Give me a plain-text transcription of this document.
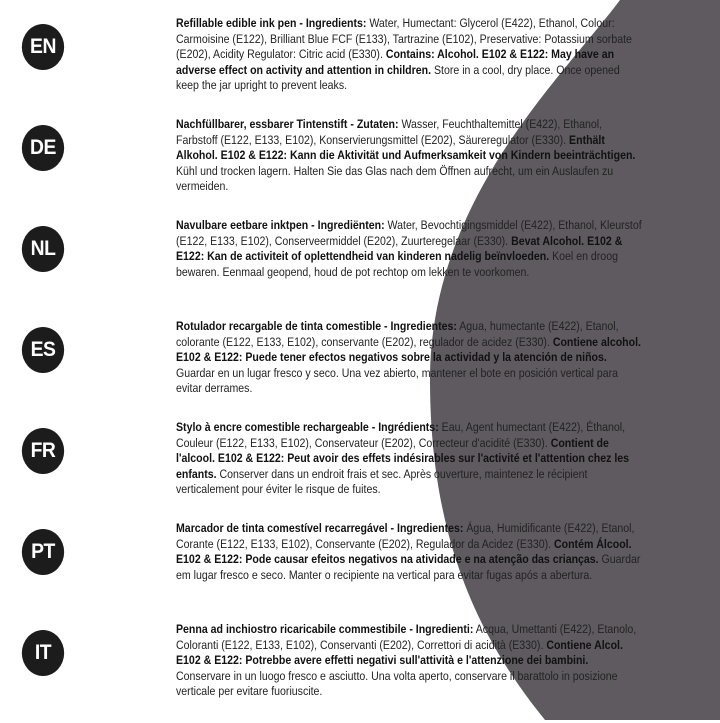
EN
Refillable edible ink pen - Ingredients: Water, Humectant: Glycerol (E422), Ethanol, Colour: Carmoisine (E122), Brilliant Blue FCF (E133), Tartrazine (E102), Preservative: Potassium sorbate (E202), Acidity Regulator: Citric acid (E330). Contains: Alcohol. E102 & E122: May have an adverse effect on activity and attention in children. Store in a cool, dry place. Once opened keep the jar upright to prevent leaks.
DE
Nachfüllbarer, essbarer Tintenstift - Zutaten: Wasser, Feuchthaltemittel (E422), Ethanol, Farbstoff (E122, E133, E102), Konservierungsmittel (E202), Säureregulator (E330). Enthält Alkohol. E102 & E122: Kann die Aktivität und Aufmerksamkeit von Kindern beeinträchtigen. Kühl und trocken lagern. Halten Sie das Glas nach dem Öffnen aufrecht, um ein Auslaufen zu vermeiden.
NL
Navulbare eetbare inktpen - Ingrediënten: Water, Bevochtigingsmiddel (E422), Ethanol, Kleurstof (E122, E133, E102), Conserveermiddel (E202), Zuurteregelaar (E330). Bevat Alcohol. E102 & E122: Kan de activiteit of oplettendheid van kinderen nadelig beïnvloeden. Koel en droog bewaren. Eenmaal geopend, houd de pot rechtop om lekken te voorkomen.
ES
Rotulador recargable de tinta comestible - Ingredientes: Agua, humectante (E422), Etanol, colorante (E122, E133, E102), conservante (E202), regulador de acidez (E330). Contiene alcohol. E102 & E122: Puede tener efectos negativos sobre la actividad y la atención de niños. Guardar en un lugar fresco y seco. Una vez abierto, mantener el bote en posición vertical para evitar derrames.
FR
Stylo à encre comestible rechargeable - Ingrédients: Eau, Agent humectant (E422), Éthanol, Couleur (E122, E133, E102), Conservateur (E202), Correcteur d'acidité (E330). Contient de l'alcool. E102 & E122: Peut avoir des effets indésirables sur l'activité et l'attention chez les enfants. Conserver dans un endroit frais et sec. Après ouverture, maintenez le récipient verticalement pour éviter le risque de fuites.
PT
Marcador de tinta comestível recarregável - Ingredientes: Água, Humidificante (E422), Etanol, Corante (E122, E133, E102), Conservante (E202), Regulador da Acidez (E330). Contém Álcool. E102 & E122: Pode causar efeitos negativos na atividade e na atenção das crianças. Guardar em lugar fresco e seco. Manter o recipiente na vertical para evitar fugas após a abertura.
IT
Penna ad inchiostro ricaricabile commestibile - Ingredienti: Acqua, Umettanti (E422), Etanolo, Coloranti (E122, E133, E102), Conservanti (E202), Correttori di acidità (E330). Contiene Alcol. E102 & E122: Potrebbe avere effetti negativi sull'attività e l'attenzione dei bambini. Conservare in un luogo fresco e asciutto. Una volta aperto, conservare il barattolo in posizione verticale per evitare fuoriuscite.
